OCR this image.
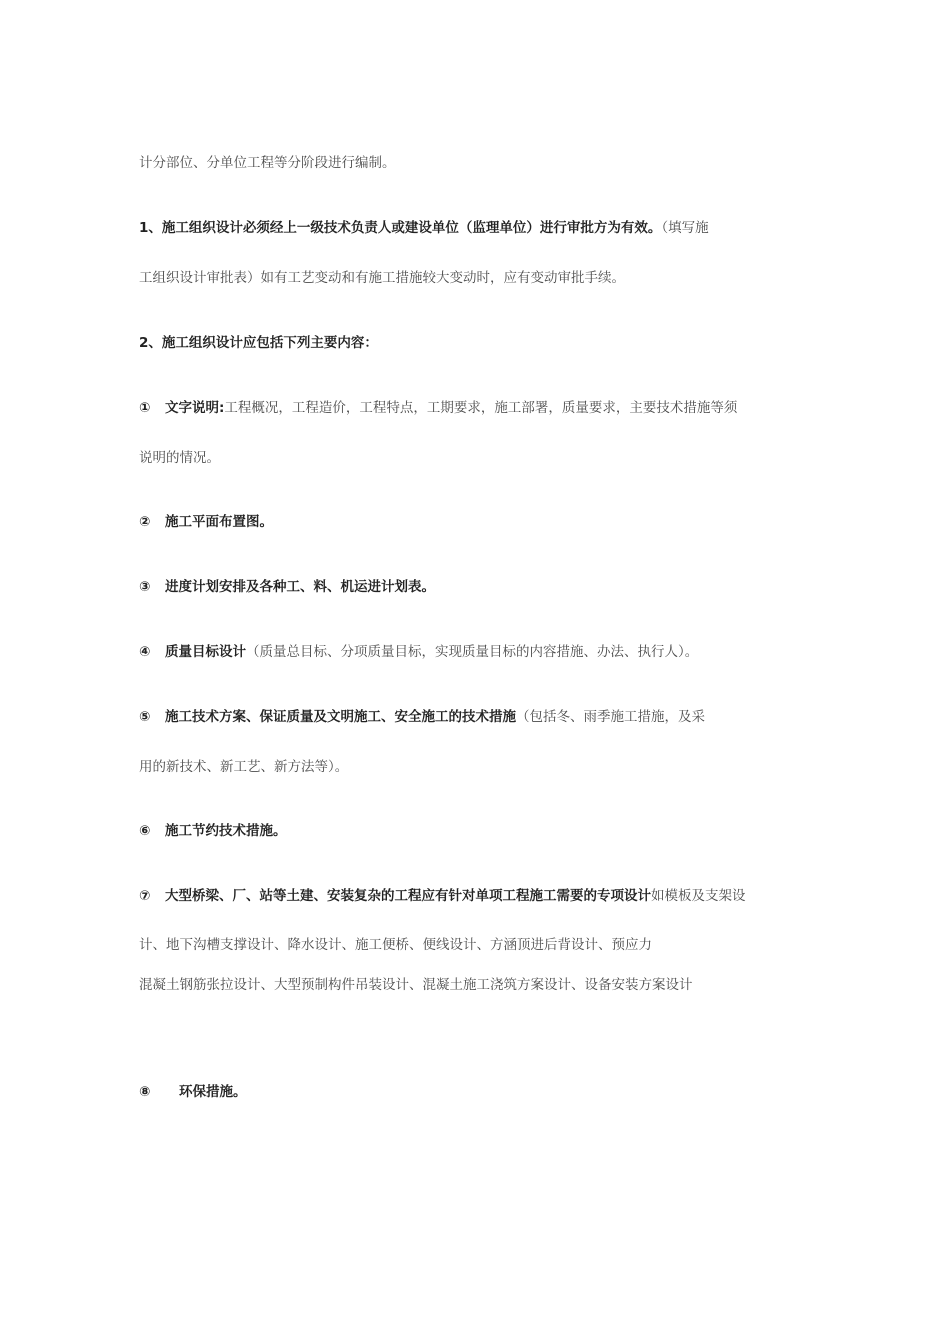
计分部位、分单位工程等分阶段进行编制。
1、施工组织设计必须经上一级技术负责人或建设单位（监理单位）进行审批方为有效。（填写施
工组织设计审批表）如有工艺变动和有施工措施较大变动时，应有变动审批手续。
2、施工组织设计应包括下列主要内容：
① 文字说明:工程概况，工程造价，工程特点，工期要求，施工部署，质量要求，主要技术措施等须
说明的情况。
② 施工平面布置图。
③ 进度计划安排及各种工、料、机运进计划表。
④ 质量目标设计（质量总目标、分项质量目标，实现质量目标的内容措施、办法、执行人）。
⑤ 施工技术方案、保证质量及文明施工、安全施工的技术措施（包括冬、雨季施工措施，及采
用的新技术、新工艺、新方法等）。
⑥ 施工节约技术措施。
⑦ 大型桥梁、厂、站等土建、安装复杂的工程应有针对单项工程施工需要的专项设计如模板及支架设
计、地下沟槽支撑设计、降水设计、施工便桥、便线设计、方涵顶进后背设计、预应力
混凝土钢筋张拉设计、大型预制构件吊装设计、混凝土施工浇筑方案设计、设备安装方案设计
⑧ 环保措施。
